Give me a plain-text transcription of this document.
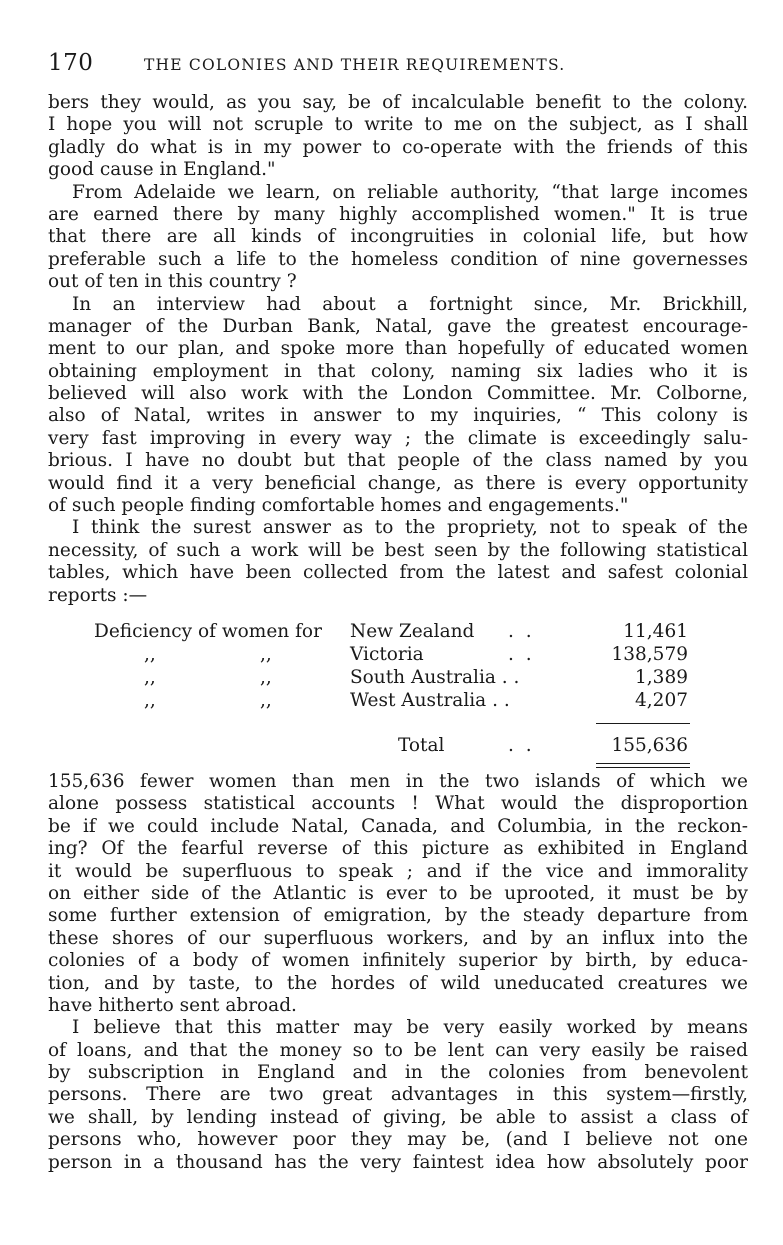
170	THE COLONIES AND THEIR REQUIREMENTS.
bers they would, as you say, be of incalculable benefit to the colony.
I hope you will not scruple to write to me on the subject, as I shall
gladly do what is in my power to co-operate with the friends of this
good cause in England."
From Adelaide we learn, on reliable authority, “that large incomes
are earned there by many highly accomplished women." It is true
that there are all kinds of incongruities in colonial life, but how
preferable such a life to the homeless condition of nine governesses
out of ten in this country ?
In an interview had about a fortnight since, Mr. Brickhill,
manager of the Durban Bank, Natal, gave the greatest encourage-
ment to our plan, and spoke more than hopefully of educated women
obtaining employment in that colony, naming six ladies who it is
believed will also work with the London Committee. Mr. Colborne,
also of Natal, writes in answer to my inquiries, “ This colony is
very fast improving in every way ; the climate is exceedingly salu-
brious. I have no doubt but that people of the class named by you
would find it a very beneficial change, as there is every opportunity
of such people finding comfortable homes and engagements."
I think the surest answer as to the propriety, not to speak of the
necessity, of such a work will be best seen by the following statistical
tables, which have been collected from the latest and safest colonial
reports :—
Deficiency of women for New Zealand . .	11,461
,,	,,	Victoria	. .	138,579
,,	,,	South Australia . .	1,389
,,	,,	West Australia . .	4,207
Total	. .	155,636
155,636 fewer women than men in the two islands of which we
alone possess statistical accounts ! What would the disproportion
be if we could include Natal, Canada, and Columbia, in the reckon-
ing? Of the fearful reverse of this picture as exhibited in England
it would be superfluous to speak ; and if the vice and immorality
on either side of the Atlantic is ever to be uprooted, it must be by
some further extension of emigration, by the steady departure from
these shores of our superfluous workers, and by an influx into the
colonies of a body of women infinitely superior by birth, by educa-
tion, and by taste, to the hordes of wild uneducated creatures we
have hitherto sent abroad.
I believe that this matter may be very easily worked by means
of loans, and that the money so to be lent can very easily be raised
by subscription in England and in the colonies from benevolent
persons. There are two great advantages in this system—firstly,
we shall, by lending instead of giving, be able to assist a class of
persons who, however poor they may be, (and I believe not one
person in a thousand has the very faintest idea how absolutely poor
